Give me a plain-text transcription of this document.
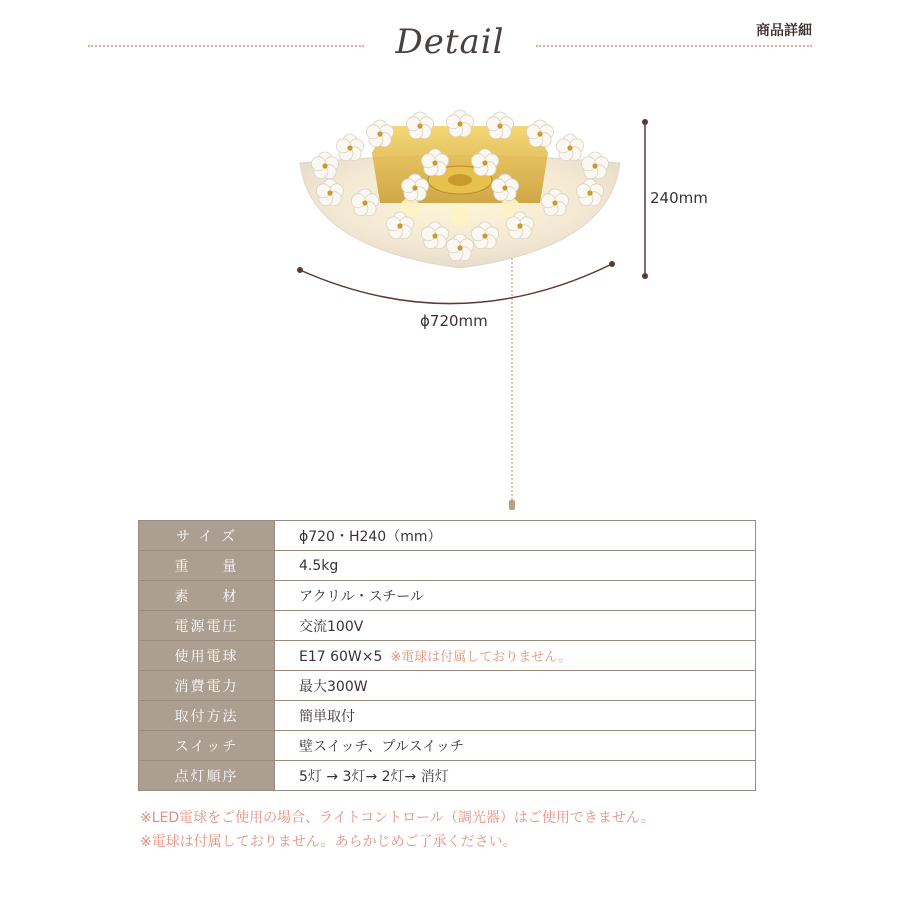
Detail	商品詳細
240mm
ϕ720mm
サ イ ズ	ϕ720・H240（mm）
重　　量	4.5kg
素　　材	アクリル・スチール
電源電圧	交流100V
使用電球	E17 60W×5 ※電球は付属しておりません。
消費電力	最大300W
取付方法	簡単取付
スイッチ	壁スイッチ、プルスイッチ
点灯順序	5灯 → 3灯→ 2灯→ 消灯
※LED電球をご使用の場合、ライトコントロール（調光器）はご使用できません。
※電球は付属しておりません。あらかじめご了承ください。
